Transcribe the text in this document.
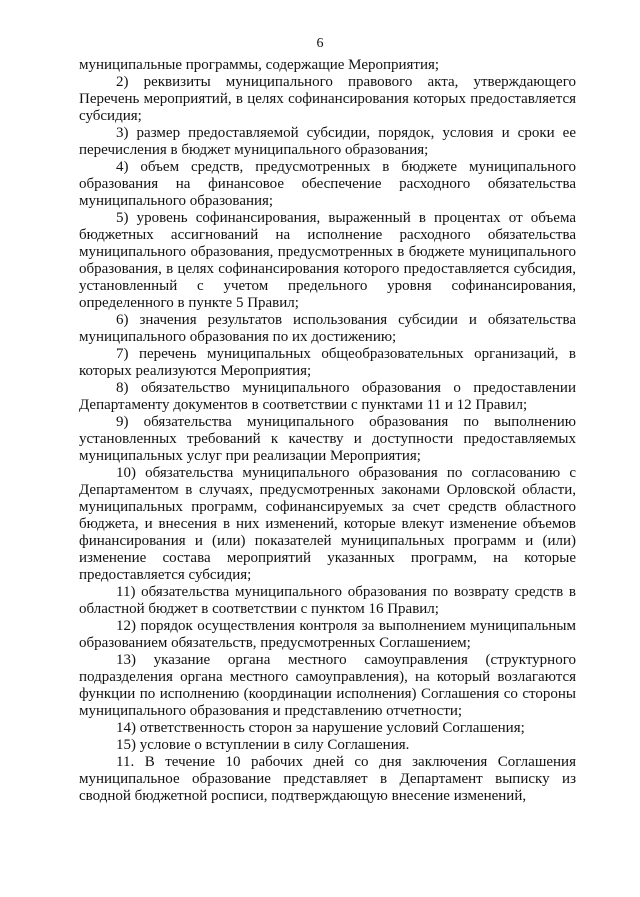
6

муниципальные программы, содержащие Мероприятия;

2) реквизиты муниципального правового акта, утверждающего Перечень мероприятий, в целях софинансирования которых предоставляется субсидия;

3) размер предоставляемой субсидии, порядок, условия и сроки ее перечисления в бюджет муниципального образования;

4) объем средств, предусмотренных в бюджете муниципального образования на финансовое обеспечение расходного обязательства муниципального образования;

5) уровень софинансирования, выраженный в процентах от объема бюджетных ассигнований на исполнение расходного обязательства муниципального образования, предусмотренных в бюджете муниципального образования, в целях софинансирования которого предоставляется субсидия, установленный с учетом предельного уровня софинансирования, определенного в пункте 5 Правил;

6) значения результатов использования субсидии и обязательства муниципального образования по их достижению;

7) перечень муниципальных общеобразовательных организаций, в которых реализуются Мероприятия;

8) обязательство муниципального образования о предоставлении Департаменту документов в соответствии с пунктами 11 и 12 Правил;

9) обязательства муниципального образования по выполнению установленных требований к качеству и доступности предоставляемых муниципальных услуг при реализации Мероприятия;

10) обязательства муниципального образования по согласованию с Департаментом в случаях, предусмотренных законами Орловской области, муниципальных программ, софинансируемых за счет средств областного бюджета, и внесения в них изменений, которые влекут изменение объемов финансирования и (или) показателей муниципальных программ и (или) изменение состава мероприятий указанных программ, на которые предоставляется субсидия;

11) обязательства муниципального образования по возврату средств в областной бюджет в соответствии с пунктом 16 Правил;

12) порядок осуществления контроля за выполнением муниципальным образованием обязательств, предусмотренных Соглашением;

13) указание органа местного самоуправления (структурного подразделения органа местного самоуправления), на который возлагаются функции по исполнению (координации исполнения) Соглашения со стороны муниципального образования и представлению отчетности;

14) ответственность сторон за нарушение условий Соглашения;

15) условие о вступлении в силу Соглашения.

11. В течение 10 рабочих дней со дня заключения Соглашения муниципальное образование представляет в Департамент выписку из сводной бюджетной росписи, подтверждающую внесение изменений,
